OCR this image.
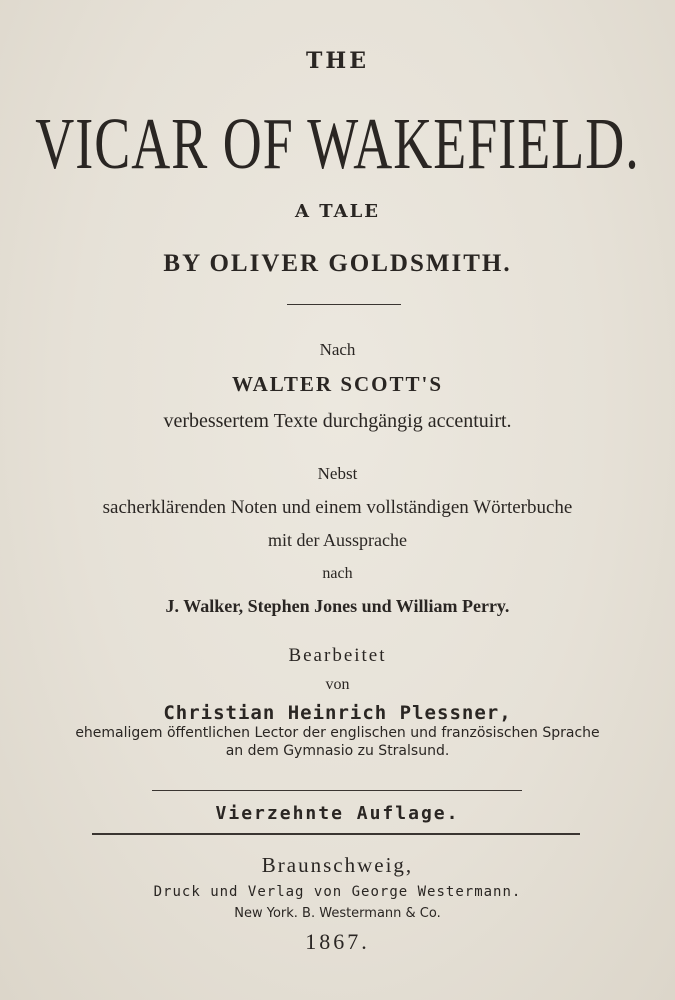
THE
VICAR OF WAKEFIELD.
A TALE
BY OLIVER GOLDSMITH.
Nach
WALTER SCOTT'S
verbessertem Texte durchgängig accentuirt.
Nebst
sacherklärenden Noten und einem vollständigen Wörterbuche
mit der Aussprache
nach
J. Walker, Stephen Jones und William Perry.
Bearbeitet
von
Christian Heinrich Plessner,
ehemaligem öffentlichen Lector der englischen und französischen Sprache
an dem Gymnasio zu Stralsund.
Vierzehnte Auflage.
Braunschweig,
Druck und Verlag von George Westermann.
New York. B. Westermann & Co.
1867.
